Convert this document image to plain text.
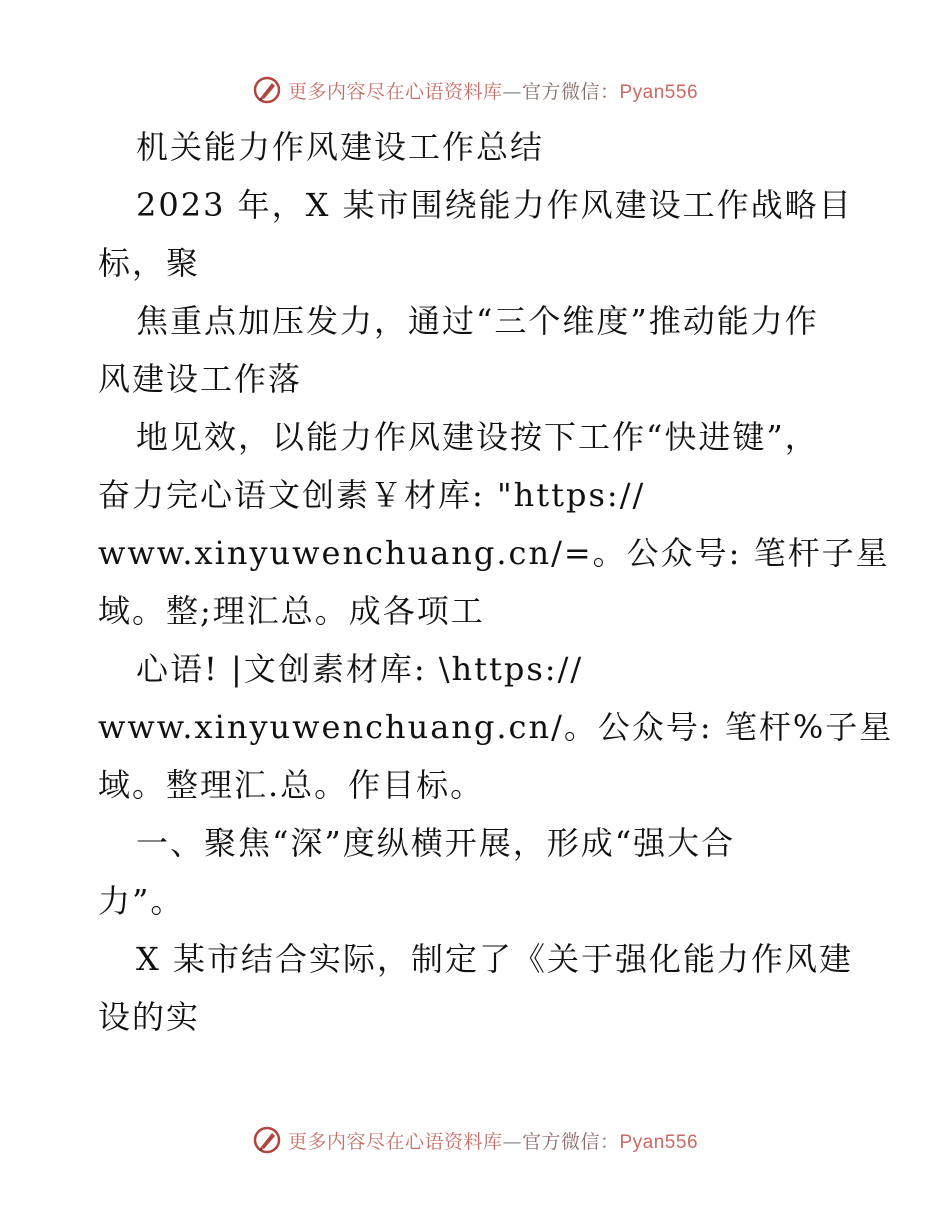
更多内容尽在心语资料库—官方微信：Pyan556
机关能力作风建设工作总结
2023 年，X 某市围绕能力作风建设工作战略目
标，聚
焦重点加压发力，通过“三个维度”推动能力作
风建设工作落
地见效，以能力作风建设按下工作“快进键”，
奋力完心语文创素￥材库: "https://
www.xinyuwenchuang.cn/=。公众号: 笔杆子星
域。整;理汇总。成各项工
心语! |文创素材库: \https://
www.xinyuwenchuang.cn/。公众号: 笔杆%子星
域。整理汇.总。作目标。
一、聚焦“深”度纵横开展，形成“强大合
力”。
X 某市结合实际，制定了《关于强化能力作风建
设的实
更多内容尽在心语资料库—官方微信：Pyan556
